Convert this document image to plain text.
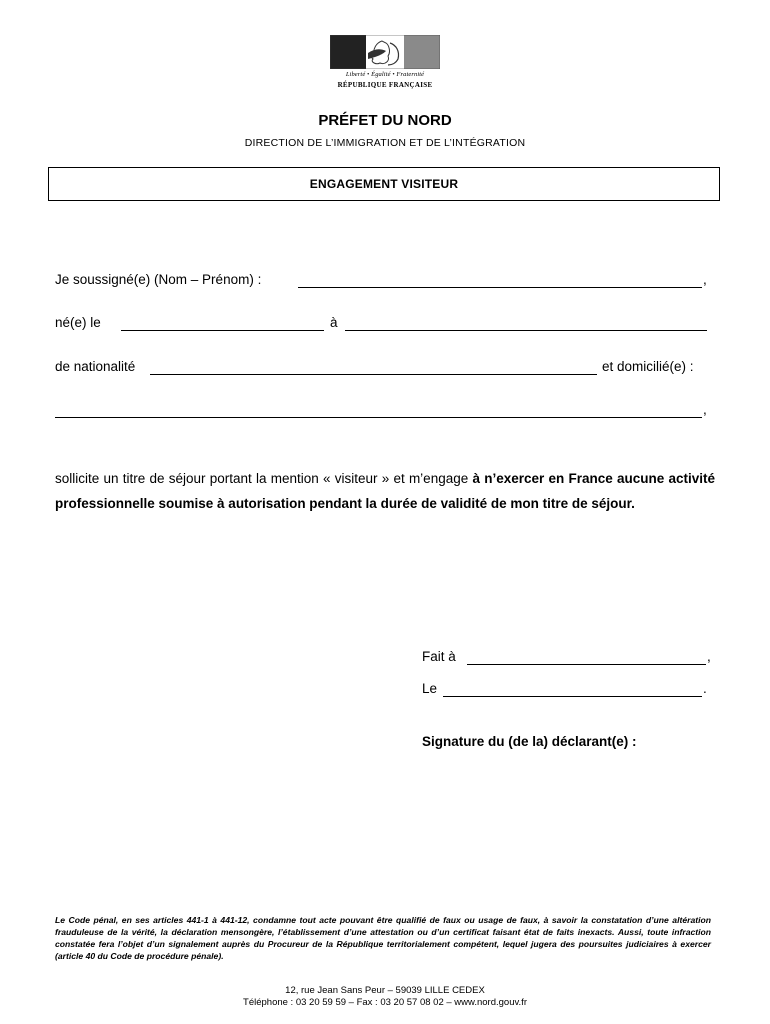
Liberté • Égalité • Fraternité
RÉPUBLIQUE FRANÇAISE
PRÉFET DU NORD
DIRECTION DE L’IMMIGRATION ET DE L’INTÉGRATION
ENGAGEMENT VISITEUR
Je soussigné(e) (Nom – Prénom) :	,
né(e) le	à
de nationalité	et domicilié(e) :
,
sollicite un titre de séjour portant la mention « visiteur » et m’engage à n’exercer en France aucune activité professionnelle soumise à autorisation pendant la durée de validité de mon titre de séjour.
Fait à	,
Le	.
Signature du (de la) déclarant(e) :
Le Code pénal, en ses articles 441-1 à 441-12, condamne tout acte pouvant être qualifié de faux ou usage de faux, à savoir la constatation d’une altération frauduleuse de la vérité, la déclaration mensongère, l’établissement d’une attestation ou d’un certificat faisant état de faits inexacts. Aussi, toute infraction constatée fera l’objet d’un signalement auprès du Procureur de la République territorialement compétent, lequel jugera des poursuites judiciaires à exercer (article 40 du Code de procédure pénale).
12, rue Jean Sans Peur – 59039 LILLE CEDEX
Téléphone : 03 20 59 59 – Fax : 03 20 57 08 02 – www.nord.gouv.fr
